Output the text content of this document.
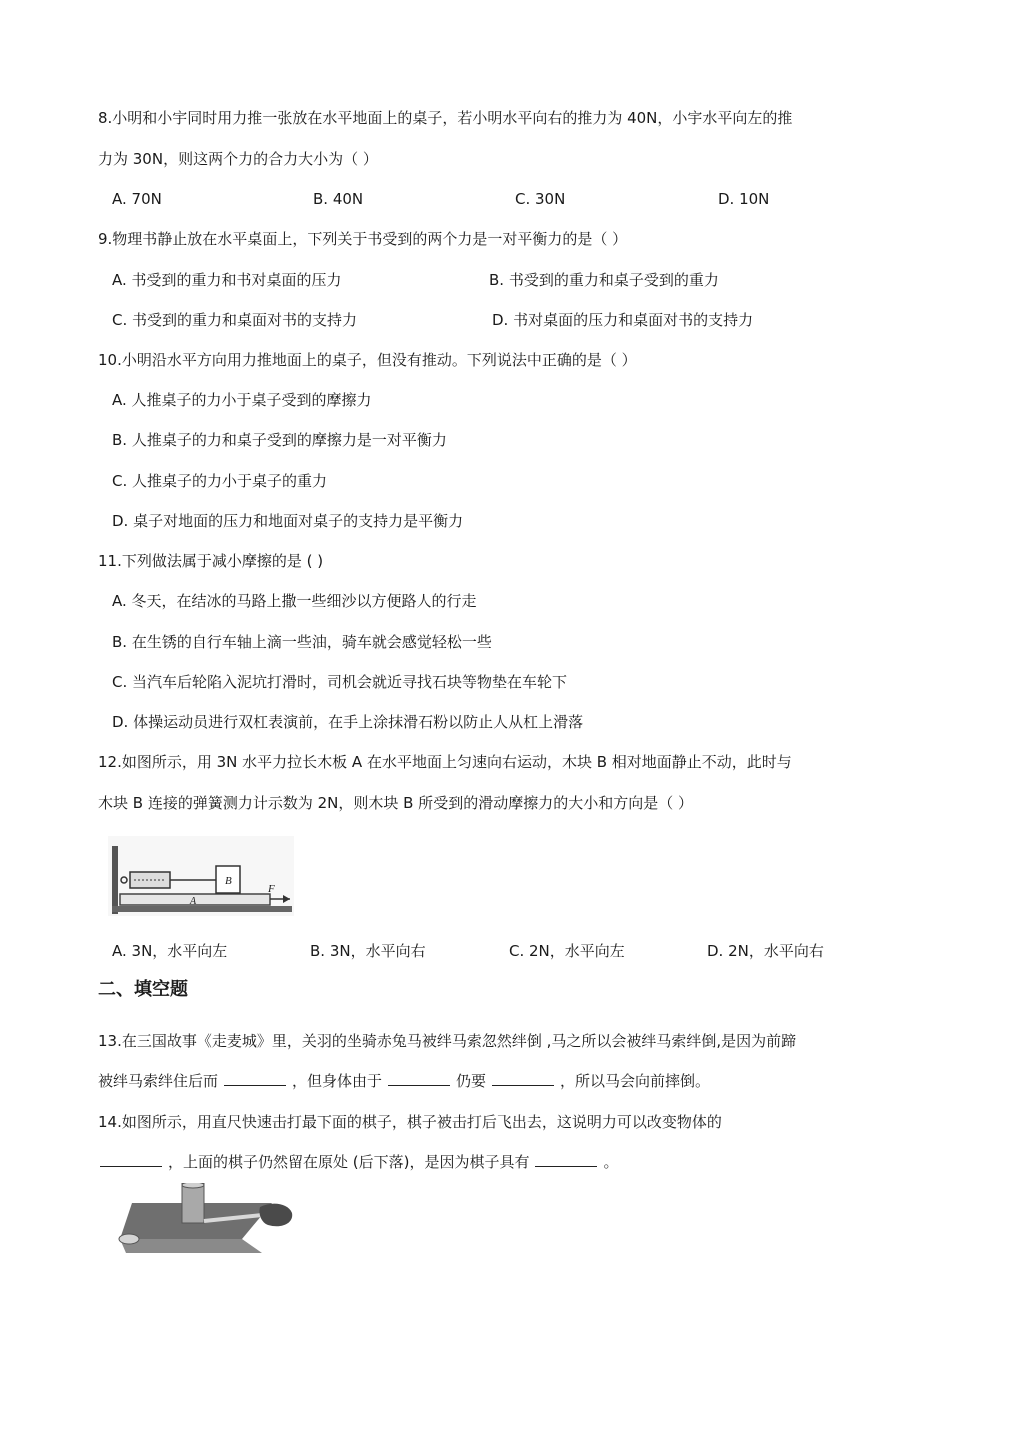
8.小明和小宇同时用力推一张放在水平地面上的桌子，若小明水平向右的推力为 40N，小宇水平向左的推
力为 30N，则这两个力的合力大小为（ ）
A. 70N	B. 40N	C. 30N	D. 10N
9.物理书静止放在水平桌面上，下列关于书受到的两个力是一对平衡力的是（ ）
A. 书受到的重力和书对桌面的压力	B. 书受到的重力和桌子受到的重力
C. 书受到的重力和桌面对书的支持力	D. 书对桌面的压力和桌面对书的支持力
10.小明沿水平方向用力推地面上的桌子，但没有推动。下列说法中正确的是（ ）
A. 人推桌子的力小于桌子受到的摩擦力
B. 人推桌子的力和桌子受到的摩擦力是一对平衡力
C. 人推桌子的力小于桌子的重力
D. 桌子对地面的压力和地面对桌子的支持力是平衡力
11.下列做法属于减小摩擦的是 ( )
A. 冬天，在结冰的马路上撒一些细沙以方便路人的行走
B. 在生锈的自行车轴上滴一些油，骑车就会感觉轻松一些
C. 当汽车后轮陷入泥坑打滑时，司机会就近寻找石块等物垫在车轮下
D. 体操运动员进行双杠表演前，在手上涂抹滑石粉以防止人从杠上滑落
12.如图所示，用 3N 水平力拉长木板 A 在水平地面上匀速向右运动，木块 B 相对地面静止不动，此时与
木块 B 连接的弹簧测力计示数为 2N，则木块 B 所受到的滑动摩擦力的大小和方向是（ ）
B
A
F
A. 3N，水平向左	B. 3N，水平向右	C. 2N，水平向左	D. 2N，水平向右
二、填空题
13.在三国故事《走麦城》里，关羽的坐骑赤兔马被绊马索忽然绊倒 ,马之所以会被绊马索绊倒,是因为前蹄
被绊马索绊住后而	，但身体由于	仍要	，所以马会向前摔倒。
14.如图所示，用直尺快速击打最下面的棋子，棋子被击打后飞出去，这说明力可以改变物体的
，上面的棋子仍然留在原处 (后下落)，是因为棋子具有	。
